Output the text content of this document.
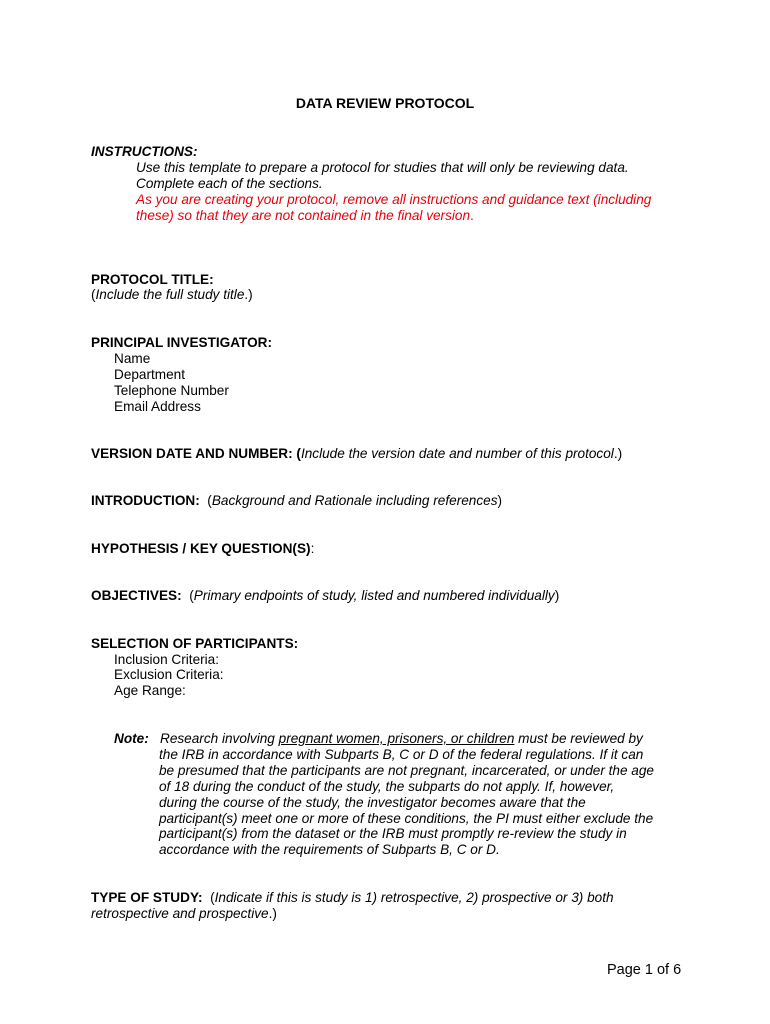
DATA REVIEW PROTOCOL
INSTRUCTIONS:
Use this template to prepare a protocol for studies that will only be reviewing data.
Complete each of the sections.
As you are creating your protocol, remove all instructions and guidance text (including
these) so that they are not contained in the final version.
PROTOCOL TITLE:
(Include the full study title.)
PRINCIPAL INVESTIGATOR:
Name
Department
Telephone Number
Email Address
VERSION DATE AND NUMBER: (Include the version date and number of this protocol.)
INTRODUCTION:  (Background and Rationale including references)
HYPOTHESIS / KEY QUESTION(S):
OBJECTIVES:  (Primary endpoints of study, listed and numbered individually)
SELECTION OF PARTICIPANTS:
Inclusion Criteria:
Exclusion Criteria:
Age Range:
Note: Research involving pregnant women, prisoners, or children must be reviewed by
the IRB in accordance with Subparts B, C or D of the federal regulations. If it can
be presumed that the participants are not pregnant, incarcerated, or under the age
of 18 during the conduct of the study, the subparts do not apply. If, however,
during the course of the study, the investigator becomes aware that the
participant(s) meet one or more of these conditions, the PI must either exclude the
participant(s) from the dataset or the IRB must promptly re-review the study in
accordance with the requirements of Subparts B, C or D.
TYPE OF STUDY:  (Indicate if this is study is 1) retrospective, 2) prospective or 3) both
retrospective and prospective.)
Page 1 of 6
